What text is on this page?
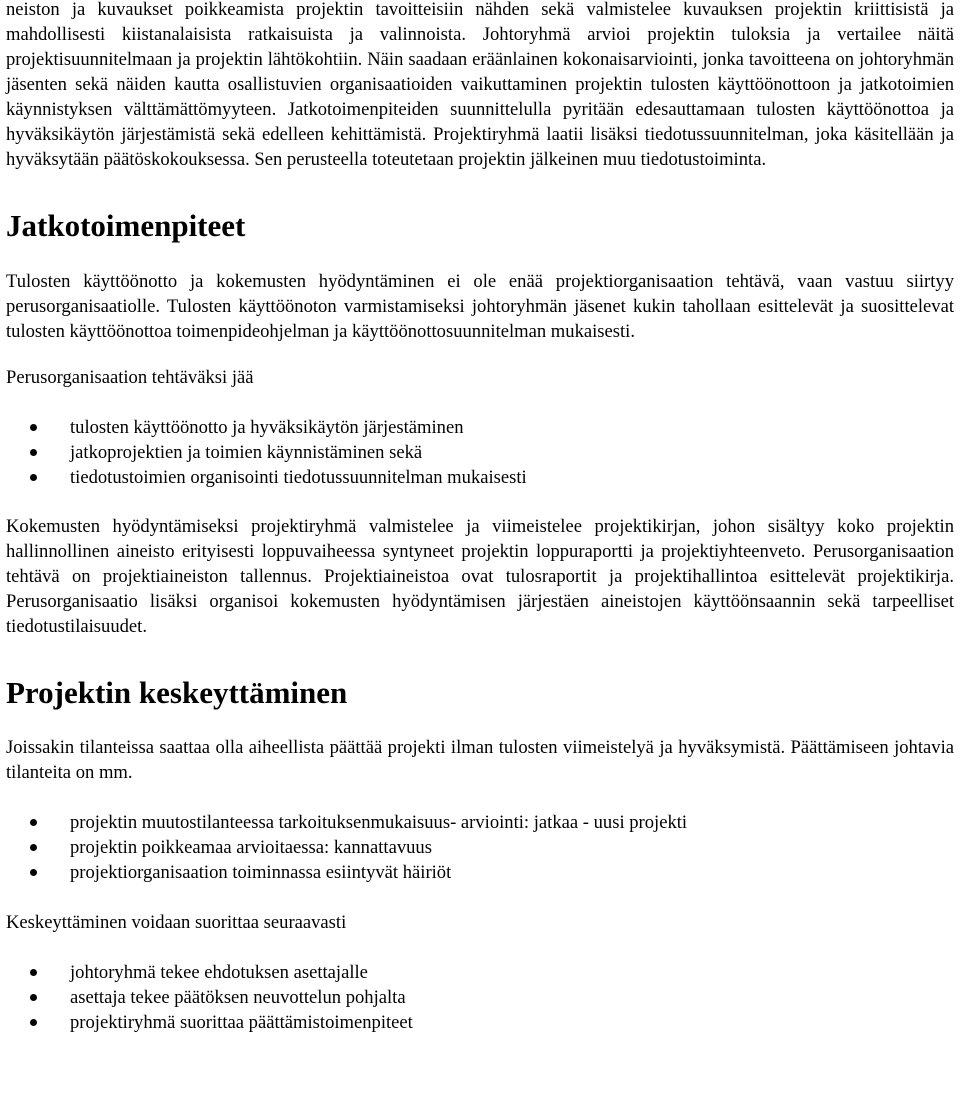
neiston ja kuvaukset poikkeamista projektin tavoitteisiin nähden sekä valmistelee kuvauksen projektin kriittisistä ja mahdollisesti kiistanalaisista ratkaisuista ja valinnoista. Johtoryhmä arvioi projektin tuloksia ja vertailee näitä projektisuunnitelmaan ja projektin lähtökohtiin. Näin saadaan eräänlainen kokonaisarviointi, jonka tavoitteena on johtoryhmän jäsenten sekä näiden kautta osallistuvien organisaatioiden vaikuttaminen projektin tulosten käyttöönottoon ja jatkotoimien käynnistyksen välttämättömyyteen. Jatkotoimenpiteiden suunnittelulla pyritään edesauttamaan tulosten käyttöönottoa ja hyväksikäytön järjestämistä sekä edelleen kehittämistä. Projektiryhmä laatii lisäksi tiedotussuunnitelman, joka käsitellään ja hyväksytään päätöskokouksessa. Sen perusteella toteutetaan projektin jälkeinen muu tiedotustoiminta.

Jatkotoimenpiteet

Tulosten käyttöönotto ja kokemusten hyödyntäminen ei ole enää projektiorganisaation tehtävä, vaan vastuu siirtyy perusorganisaatiolle. Tulosten käyttöönoton varmistamiseksi johtoryhmän jäsenet kukin tahollaan esittelevät ja suosittelevat tulosten käyttöönottoa toimenpideohjelman ja käyttöönottosuunnitelman mukaisesti.

Perusorganisaation tehtäväksi jää

tulosten käyttöönotto ja hyväksikäytön järjestäminen
jatkoprojektien ja toimien käynnistäminen sekä
tiedotustoimien organisointi tiedotussuunnitelman mukaisesti

Kokemusten hyödyntämiseksi projektiryhmä valmistelee ja viimeistelee projektikirjan, johon sisältyy koko projektin hallinnollinen aineisto erityisesti loppuvaiheessa syntyneet projektin loppuraportti ja projektiyhteenveto. Perusorganisaation tehtävä on projektiaineiston tallennus. Projektiaineistoa ovat tulosraportit ja projektihallintoa esittelevät projektikirja. Perusorganisaatio lisäksi organisoi kokemusten hyödyntämisen järjestäen aineistojen käyttöönsaannin sekä tarpeelliset tiedotustilaisuudet.

Projektin keskeyttäminen

Joissakin tilanteissa saattaa olla aiheellista päättää projekti ilman tulosten viimeistelyä ja hyväksymistä. Päättämiseen johtavia tilanteita on mm.

projektin muutostilanteessa tarkoituksenmukaisuus- arviointi: jatkaa - uusi projekti
projektin poikkeamaa arvioitaessa: kannattavuus
projektiorganisaation toiminnassa esiintyvät häiriöt

Keskeyttäminen voidaan suorittaa seuraavasti

johtoryhmä tekee ehdotuksen asettajalle
asettaja tekee päätöksen neuvottelun pohjalta
projektiryhmä suorittaa päättämistoimenpiteet
